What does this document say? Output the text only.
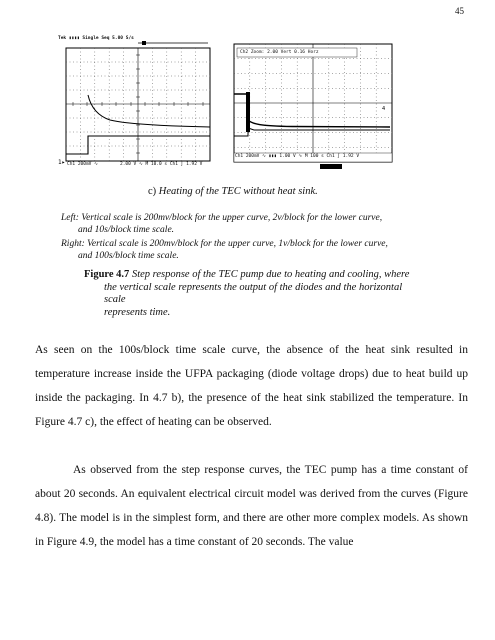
45
Tek ▮▮▮▮ Single Seq 5.00 S/s
1▸ Ch1 200mV ∿	2.00 V ∿ M 10.0 s Ch1 ∫ 1.92 V
4
Ch2 Zoom: 2.00 Vert 0.16 Horz
Ch1 200mV ∿ ▮▮▮ 1.00 V ∿ M 100 s Ch1 ∫ 1.92 V
c) Heating of the TEC without heat sink.
Left: Vertical scale is 200mv/block for the upper curve, 2v/block for the lower curve,
and 10s/block time scale.
Right: Vertical scale is 200mv/block for the upper curve, 1v/block for the lower curve,
and 100s/block time scale.
Figure 4.7 Step response of the TEC pump due to heating and cooling, where
the vertical scale represents the output of the diodes and the horizontal scale
represents time.

As seen on the 100s/block time scale curve, the absence of the heat sink resulted in temperature increase inside the UFPA packaging (diode voltage drops) due to heat build up inside the packaging. In 4.7 b), the presence of the heat sink stabilized the temperature. In Figure 4.7 c), the effect of heating can be observed.

As observed from the step response curves, the TEC pump has a time constant of about 20 seconds. An equivalent electrical circuit model was derived from the curves (Figure 4.8). The model is in the simplest form, and there are other more complex models. As shown in Figure 4.9, the model has a time constant of 20 seconds. The value
